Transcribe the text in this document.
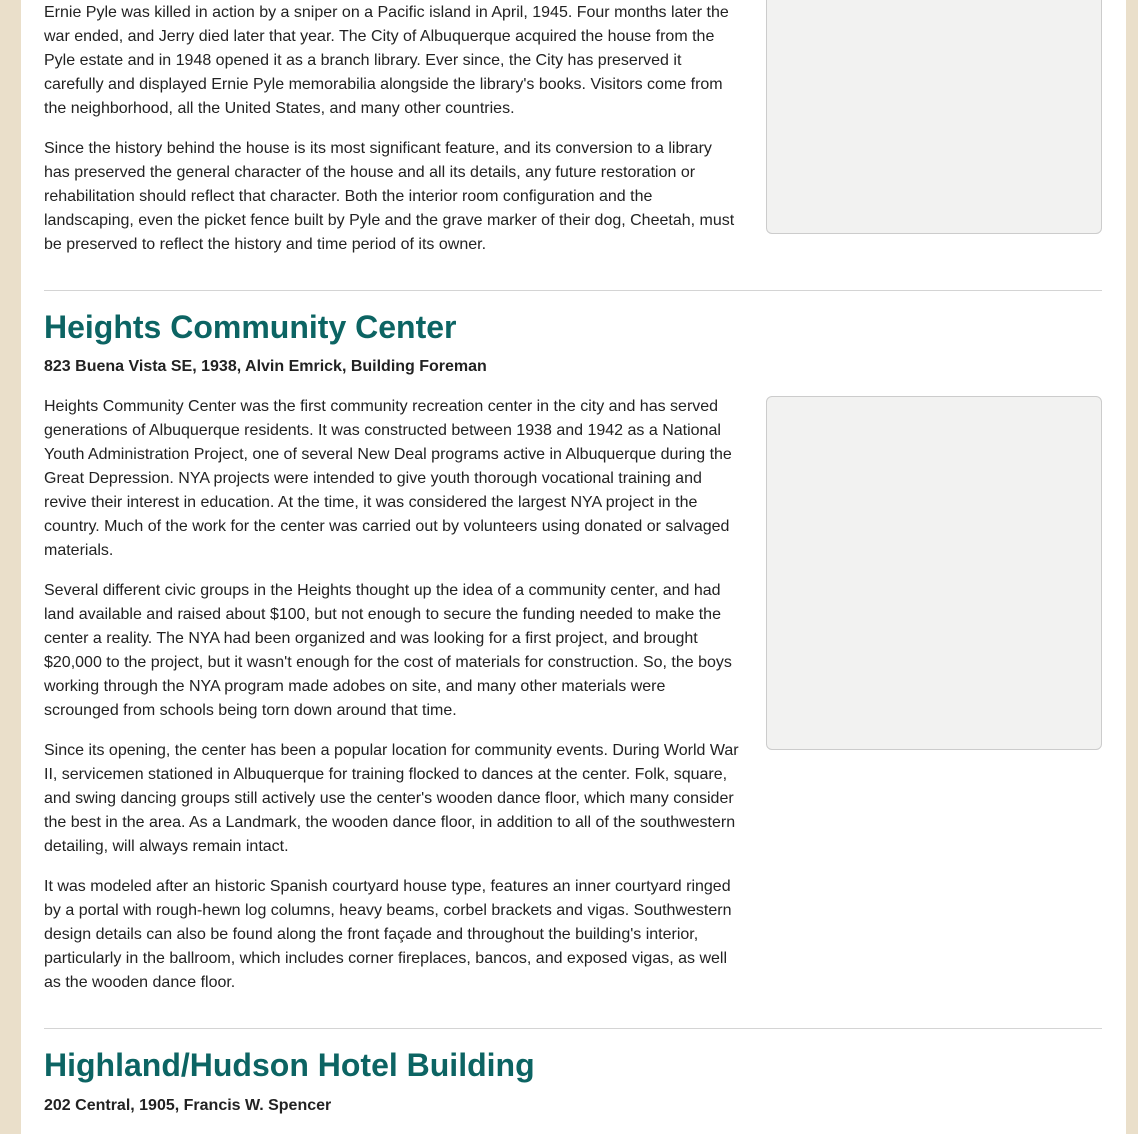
Ernie Pyle was killed in action by a sniper on a Pacific island in April, 1945. Four months later the war ended, and Jerry died later that year. The City of Albuquerque acquired the house from the Pyle estate and in 1948 opened it as a branch library. Ever since, the City has preserved it carefully and displayed Ernie Pyle memorabilia alongside the library's books. Visitors come from the neighborhood, all the United States, and many other countries.

Since the history behind the house is its most significant feature, and its conversion to a library has preserved the general character of the house and all its details, any future restoration or rehabilitation should reflect that character. Both the interior room configuration and the landscaping, even the picket fence built by Pyle and the grave marker of their dog, Cheetah, must be preserved to reflect the history and time period of its owner.

Heights Community Center

823 Buena Vista SE, 1938, Alvin Emrick, Building Foreman

Heights Community Center was the first community recreation center in the city and has served generations of Albuquerque residents. It was constructed between 1938 and 1942 as a National Youth Administration Project, one of several New Deal programs active in Albuquerque during the Great Depression. NYA projects were intended to give youth thorough vocational training and revive their interest in education. At the time, it was considered the largest NYA project in the country. Much of the work for the center was carried out by volunteers using donated or salvaged materials.

Several different civic groups in the Heights thought up the idea of a community center, and had land available and raised about $100, but not enough to secure the funding needed to make the center a reality. The NYA had been organized and was looking for a first project, and brought $20,000 to the project, but it wasn't enough for the cost of materials for construction. So, the boys working through the NYA program made adobes on site, and many other materials were scrounged from schools being torn down around that time.

Since its opening, the center has been a popular location for community events. During World War II, servicemen stationed in Albuquerque for training flocked to dances at the center. Folk, square, and swing dancing groups still actively use the center's wooden dance floor, which many consider the best in the area. As a Landmark, the wooden dance floor, in addition to all of the southwestern detailing, will always remain intact.

It was modeled after an historic Spanish courtyard house type, features an inner courtyard ringed by a portal with rough-hewn log columns, heavy beams, corbel brackets and vigas. Southwestern design details can also be found along the front façade and throughout the building's interior, particularly in the ballroom, which includes corner fireplaces, bancos, and exposed vigas, as well as the wooden dance floor.

Highland/Hudson Hotel Building

202 Central, 1905, Francis W. Spencer
